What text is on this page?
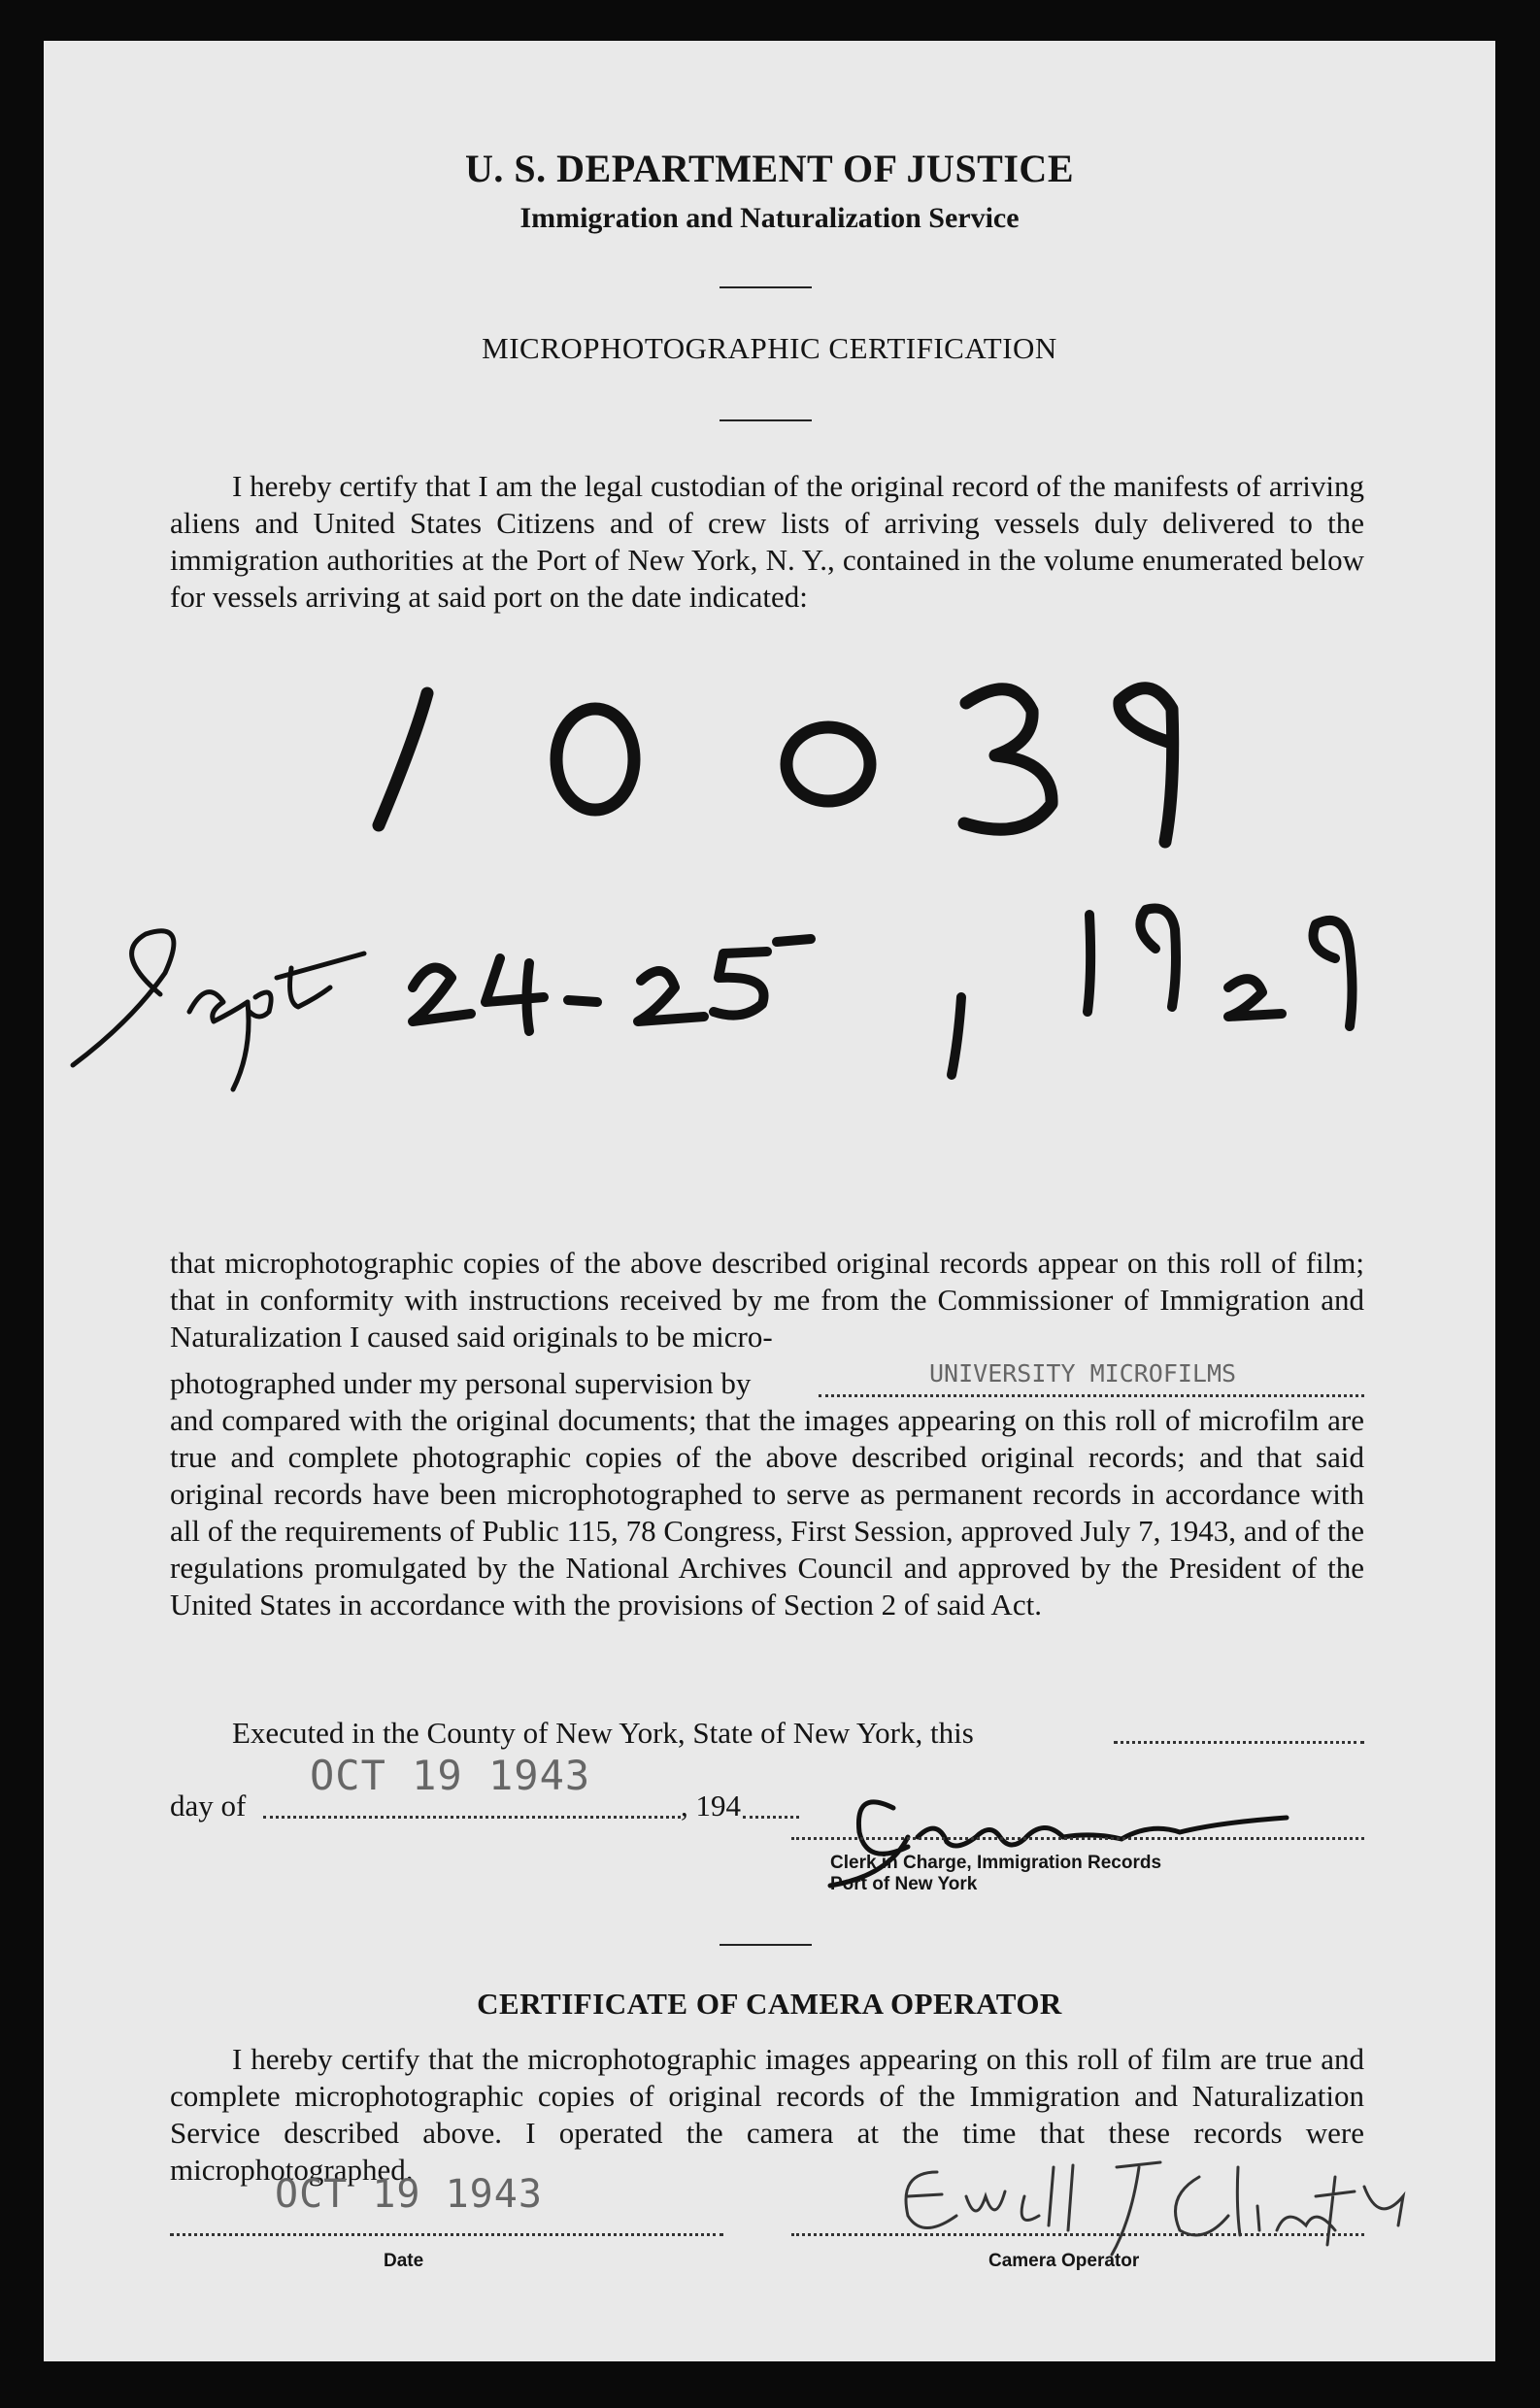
U. S. DEPARTMENT OF JUSTICE
Immigration and Naturalization Service
MICROPHOTOGRAPHIC CERTIFICATION

I hereby certify that I am the legal custodian of the original record of the manifests of arriving aliens and United States Citizens and of crew lists of arriving vessels duly delivered to the immigration authorities at the Port of New York, N. Y., contained in the volume enumerated below for vessels arriving at said port on the date indicated:

that microphotographic copies of the above described original records appear on this roll of film; that in conformity with instructions received by me from the Commissioner of Immigration and Naturalization I caused said originals to be micro-
photographed under my personal supervision by	UNIVERSITY MICROFILMS
and compared with the original documents; that the images appearing on this roll of microfilm are true and complete photographic copies of the above described original records; and that said original records have been microphotographed to serve as permanent records in accordance with all of the requirements of Public 115, 78 Congress, First Session, approved July 7, 1943, and of the regulations promulgated by the National Archives Council and approved by the President of the United States in accordance with the provisions of Section 2 of said Act.
Executed in the County of New York, State of New York, this
day of
OCT 19 1943
, 194
Clerk in Charge, Immigration Records
Port of New York
CERTIFICATE OF CAMERA OPERATOR

I hereby certify that the microphotographic images appearing on this roll of film are true and complete microphotographic copies of original records of the Immigration and Naturalization Service described above. I operated the camera at the time that these records were microphotographed.

OCT 19 1943
Date	Camera Operator
